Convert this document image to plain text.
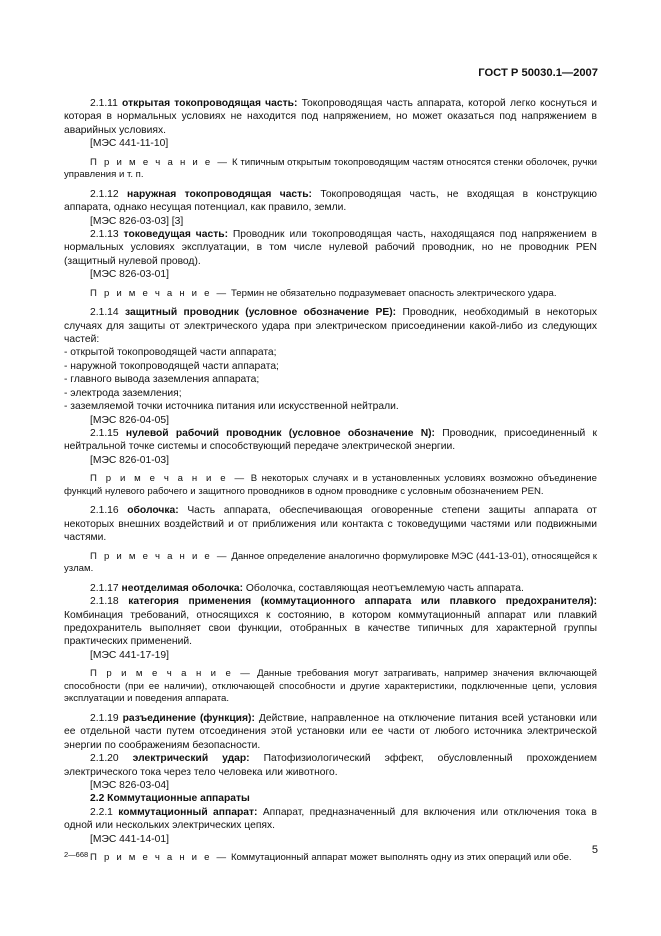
ГОСТ Р 50030.1—2007

2.1.11 открытая токопроводящая часть: Токопроводящая часть аппарата, которой легко коснуться и которая в нормальных условиях не находится под напряжением, но может оказаться под напряжением в аварийных условиях.

[МЭС 441-11-10]

П р и м е ч а н и е — К типичным открытым токопроводящим частям относятся стенки оболочек, ручки управления и т. п.

2.1.12 наружная токопроводящая часть: Токопроводящая часть, не входящая в конструкцию аппарата, однако несущая потенциал, как правило, земли.

[МЭС 826-03-03] [3]

2.1.13 токоведущая часть: Проводник или токопроводящая часть, находящаяся под напряжением в нормальных условиях эксплуатации, в том числе нулевой рабочий проводник, но не проводник PEN (защитный нулевой провод).

[МЭС 826-03-01]

П р и м е ч а н и е — Термин не обязательно подразумевает опасность электрического удара.

2.1.14 защитный проводник (условное обозначение PE): Проводник, необходимый в некоторых случаях для защиты от электрического удара при электрическом присоединении какой-либо из следующих частей:

- открытой токопроводящей части аппарата;

- наружной токопроводящей части аппарата;

- главного вывода заземления аппарата;

- электрода заземления;

- заземляемой точки источника питания или искусственной нейтрали.

[МЭС 826-04-05]

2.1.15 нулевой рабочий проводник (условное обозначение N): Проводник, присоединенный к нейтральной точке системы и способствующий передаче электрической энергии.

[МЭС 826-01-03]

П р и м е ч а н и е — В некоторых случаях и в установленных условиях возможно объединение функций нулевого рабочего и защитного проводников в одном проводнике с условным обозначением PEN.

2.1.16 оболочка: Часть аппарата, обеспечивающая оговоренные степени защиты аппарата от некоторых внешних воздействий и от приближения или контакта с токоведущими частями или подвижными частями.

П р и м е ч а н и е — Данное определение аналогично формулировке МЭС (441-13-01), относящейся к узлам.

2.1.17 неотделимая оболочка: Оболочка, составляющая неотъемлемую часть аппарата.

2.1.18 категория применения (коммутационного аппарата или плавкого предохранителя): Комбинация требований, относящихся к состоянию, в котором коммутационный аппарат или плавкий предохранитель выполняет свои функции, отобранных в качестве типичных для характерной группы практических применений.

[МЭС 441-17-19]

П р и м е ч а н и е — Данные требования могут затрагивать, например значения включающей способности (при ее наличии), отключающей способности и другие характеристики, подключенные цепи, условия эксплуатации и поведения аппарата.

2.1.19 разъединение (функция): Действие, направленное на отключение питания всей установки или ее отдельной части путем отсоединения этой установки или ее части от любого источника электрической энергии по соображениям безопасности.

2.1.20 электрический удар: Патофизиологический эффект, обусловленный прохождением электрического тока через тело человека или животного.

[МЭС 826-03-04]

2.2 Коммутационные аппараты

2.2.1 коммутационный аппарат: Аппарат, предназначенный для включения или отключения тока в одной или нескольких электрических цепях.

[МЭС 441-14-01]

П р и м е ч а н и е — Коммутационный аппарат может выполнять одну из этих операций или обе.

2—668	5
